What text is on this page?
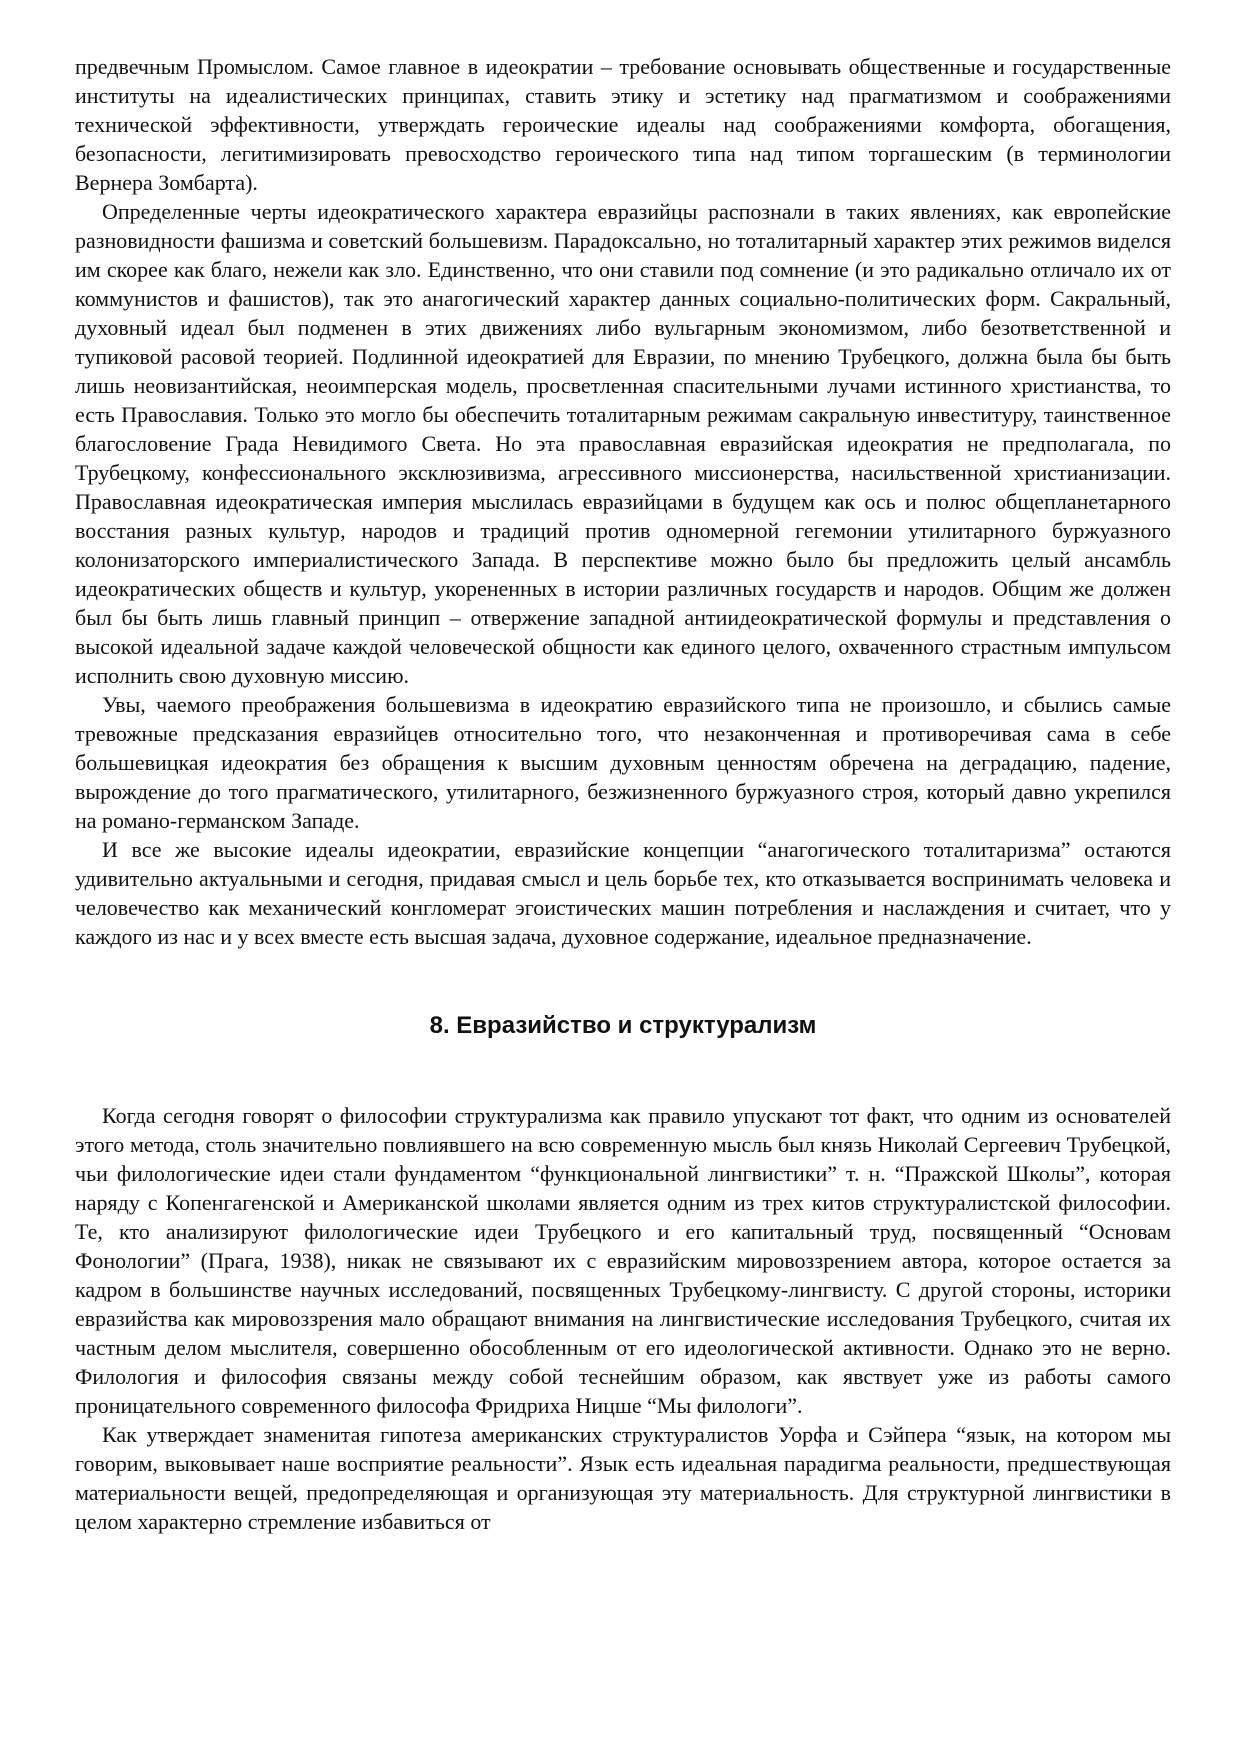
предвечным Промыслом. Самое главное в идеократии – требование основывать общественные и государственные институты на идеалистических принципах, ставить этику и эстетику над прагматизмом и соображениями технической эффективности, утверждать героические идеалы над соображениями комфорта, обогащения, безопасности, легитимизировать превосходство героического типа над типом торгашеским (в терминологии Вернера Зомбарта).

Определенные черты идеократического характера евразийцы распознали в таких явлениях, как европейские разновидности фашизма и советский большевизм. Парадоксально, но тоталитарный характер этих режимов виделся им скорее как благо, нежели как зло. Единственно, что они ставили под сомнение (и это радикально отличало их от коммунистов и фашистов), так это анагогический характер данных социально-политических форм. Сакральный, духовный идеал был подменен в этих движениях либо вульгарным экономизмом, либо безответственной и тупиковой расовой теорией. Подлинной идеократией для Евразии, по мнению Трубецкого, должна была бы быть лишь неовизантийская, неоимперская модель, просветленная спасительными лучами истинного христианства, то есть Православия. Только это могло бы обеспечить тоталитарным режимам сакральную инвеституру, таинственное благословение Града Невидимого Света. Но эта православная евразийская идеократия не предполагала, по Трубецкому, конфессионального эксклюзивизма, агрессивного миссионерства, насильственной христианизации. Православная идеократическая империя мыслилась евразийцами в будущем как ось и полюс общепланетарного восстания разных культур, народов и традиций против одномерной гегемонии утилитарного буржуазного колонизаторского империалистического Запада. В перспективе можно было бы предложить целый ансамбль идеократических обществ и культур, укорененных в истории различных государств и народов. Общим же должен был бы быть лишь главный принцип – отвержение западной антиидеократической формулы и представления о высокой идеальной задаче каждой человеческой общности как единого целого, охваченного страстным импульсом исполнить свою духовную миссию.

Увы, чаемого преображения большевизма в идеократию евразийского типа не произошло, и сбылись самые тревожные предсказания евразийцев относительно того, что незаконченная и противоречивая сама в себе большевицкая идеократия без обращения к высшим духовным ценностям обречена на деградацию, падение, вырождение до того прагматического, утилитарного, безжизненного буржуазного строя, который давно укрепился на романо-германском Западе.

И все же высокие идеалы идеократии, евразийские концепции “анагогического тоталитаризма” остаются удивительно актуальными и сегодня, придавая смысл и цель борьбе тех, кто отказывается воспринимать человека и человечество как механический конгломерат эгоистических машин потребления и наслаждения и считает, что у каждого из нас и у всех вместе есть высшая задача, духовное содержание, идеальное предназначение.

8. Евразийство и структурализм

Когда сегодня говорят о философии структурализма как правило упускают тот факт, что одним из основателей этого метода, столь значительно повлиявшего на всю современную мысль был князь Николай Сергеевич Трубецкой, чьи филологические идеи стали фундаментом “функциональной лингвистики” т. н. “Пражской Школы”, которая наряду с Копенгагенской и Американской школами является одним из трех китов структуралистской философии. Те, кто анализируют филологические идеи Трубецкого и его капитальный труд, посвященный “Основам Фонологии” (Прага, 1938), никак не связывают их с евразийским мировоззрением автора, которое остается за кадром в большинстве научных исследований, посвященных Трубецкому-лингвисту. С другой стороны, историки евразийства как мировоззрения мало обращают внимания на лингвистические исследования Трубецкого, считая их частным делом мыслителя, совершенно обособленным от его идеологической активности. Однако это не верно. Филология и философия связаны между собой теснейшим образом, как явствует уже из работы самого проницательного современного философа Фридриха Ницше “Мы филологи”.

Как утверждает знаменитая гипотеза американских структуралистов Уорфа и Сэйпера “язык, на котором мы говорим, выковывает наше восприятие реальности”. Язык есть идеальная парадигма реальности, предшествующая материальности вещей, предопределяющая и организующая эту материальность. Для структурной лингвистики в целом характерно стремление избавиться от
